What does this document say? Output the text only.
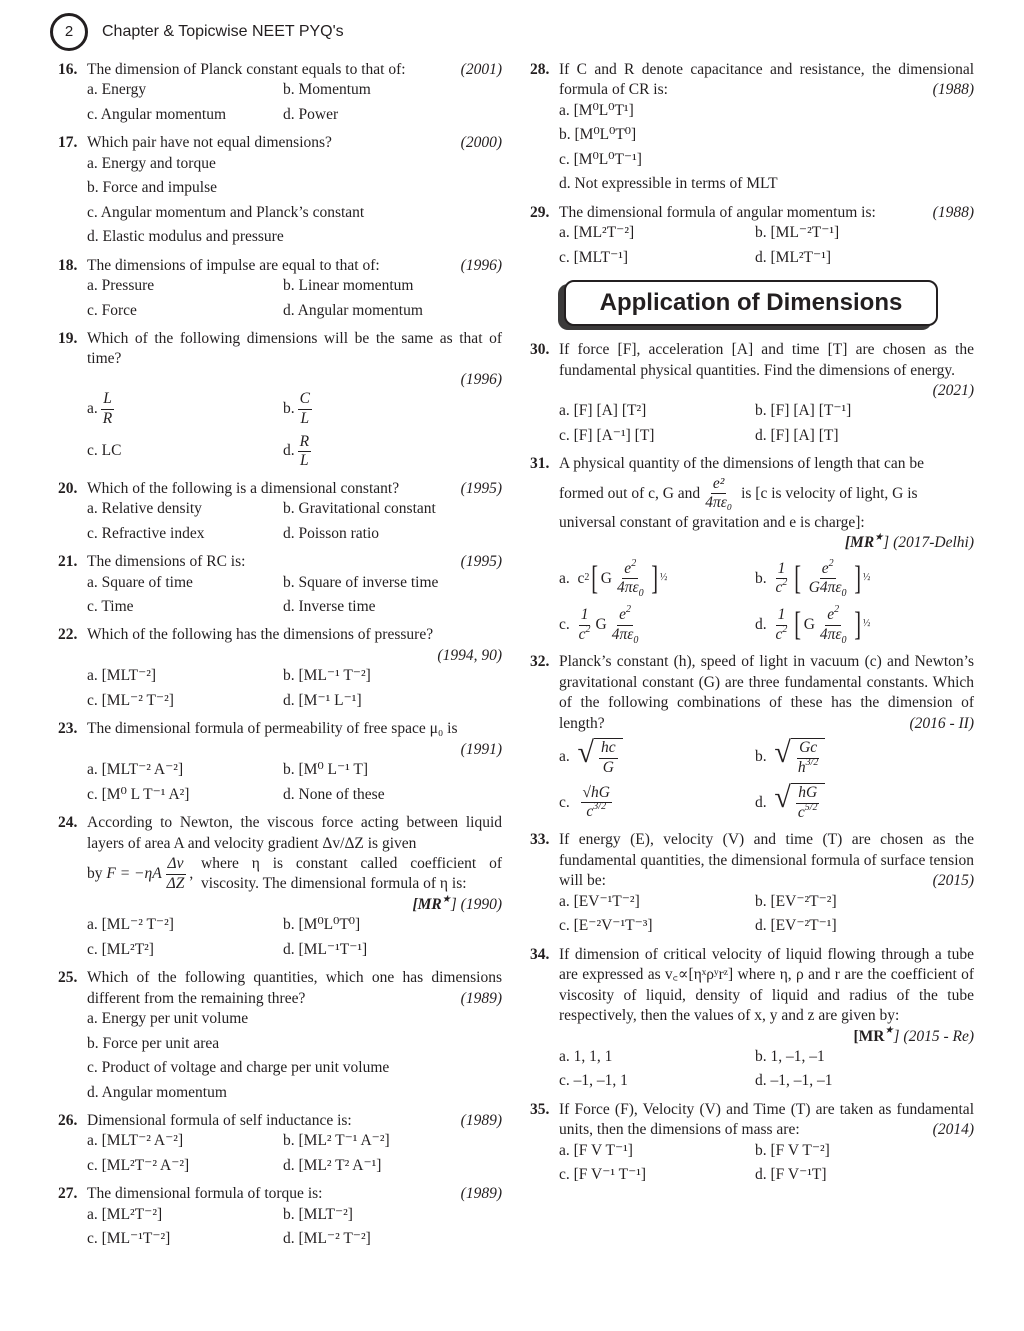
2	Chapter & Topicwise NEET PYQ's
16.	(2001)
The dimension of Planck constant equals to that of:
a. Energy	b. Momentum
c. Angular momentum	d. Power
17.	(2000)
Which pair have not equal dimensions?
a. Energy and torque
b. Force and impulse
c. Angular momentum and Planck’s constant
d. Elastic modulus and pressure
18.	(1996)
The dimensions of impulse are equal to that of:
a. Pressure	b. Linear momentum
c. Force	d. Angular momentum
19. Which of the following dimensions will be the same as that of time?
(1996)
a. $\frac{L}{R}$	b. $\frac{C}{L}$
c. LC	d. $\frac{R}{L}$
20.	(1995)
Which of the following is a dimensional constant?
a. Relative density	b. Gravitational constant
c. Refractive index	d. Poisson ratio
21.	(1995)
The dimensions of RC is:
a. Square of time	b. Square of inverse time
c. Time	d. Inverse time
22. Which of the following has the dimensions of pressure?
(1994, 90)
a. [MLT⁻²]	b. [ML⁻¹ T⁻²]
c. [ML⁻² T⁻²]	d. [M⁻¹ L⁻¹]
23. The dimensional formula of permeability of free space μ₀ is
(1991)
a. [MLT⁻² A⁻²]	b. [M⁰ L⁻¹ T]
c. [M⁰ L T⁻¹ A²]	d. None of these
24. According to Newton, the viscous force acting between liquid layers of area A and velocity gradient Δv/ΔZ is given
by
$F = -\eta A \frac{\Delta v}{\Delta Z}$ ,
where η is constant called coefficient of viscosity. The dimensional formula of η is:
[MR★] (1990)
a. [ML⁻² T⁻²]	b. [M⁰L⁰T⁰]
c. [ML²T²]	d. [ML⁻¹T⁻¹]
25. Which of the following quantities, which one has dimensions different from the remaining three?	(1989)
a. Energy per unit volume
b. Force per unit area
c. Product of voltage and charge per unit volume
d. Angular momentum
26.	(1989)
Dimensional formula of self inductance is:
a. [MLT⁻² A⁻²]	b. [ML² T⁻¹ A⁻²]
c. [ML²T⁻² A⁻²]	d. [ML² T² A⁻¹]
27.	(1989)
The dimensional formula of torque is:
a. [ML²T⁻²]	b. [MLT⁻²]
c. [ML⁻¹T⁻²]	d. [ML⁻² T⁻²]
28. If C and R denote capacitance and resistance, the dimensional formula of CR is:	(1988)
a. [M⁰L⁰T¹]
b. [M⁰L⁰T⁰]
c. [M⁰L⁰T⁻¹]
d. Not expressible in terms of MLT
29.	(1988)
The dimensional formula of angular momentum is:
a. [ML²T⁻²]	b. [ML⁻²T⁻¹]
c. [MLT⁻¹]	d. [ML²T⁻¹]
Application of Dimensions
30. If force [F], acceleration [A] and time [T] are chosen as the fundamental physical quantities. Find the dimensions of energy.
(2021)
a. [F] [A] [T²]	b. [F] [A] [T⁻¹]
c. [F] [A⁻¹] [T]	d. [F] [A] [T]
31. A physical quantity of the dimensions of length that can be
formed out of c, G and $\frac{\text{e²}}{\text{4πε₀}}$
is [c is velocity of light, G is
universal constant of gravitation and e is charge]:
[MR★] (2017-Delhi)
a. $c^2$ [ G $\frac{e^2}{4\pi\varepsilon_0} ]^{\frac{1}{2}}$	b.
$\frac{1}{c^2}$ [ $\frac{e^2}{G4\pi\varepsilon_0} ]^{\frac{1}{2}}$
c.
$\frac{1}{c^2}$ G $\frac{e^2}{4\pi\varepsilon_0}$	d.
$\frac{1}{c^2}$ [ G $\frac{e^2}{4\pi\varepsilon_0} ]^{\frac{1}{2}}$
32. Planck’s constant (h), speed of light in vacuum (c) and Newton’s gravitational constant (G) are three fundamental constants. Which of the following combinations of these has the dimension of length?	(2016 - II)
a.
√ $\frac{hc}{G}$	b.
√ $\frac{Gc}{h^{3/2}}$
c.
$\frac{√hG}{c^{3/2}}$	d.
√ $\frac{hG}{c^{5/2}}$
33. If energy (E), velocity (V) and time (T) are chosen as the fundamental quantities, the dimensional formula of surface tension will be:	(2015)
a. [EV⁻¹T⁻²]	b. [EV⁻²T⁻²]
c. [E⁻²V⁻¹T⁻³]	d. [EV⁻²T⁻¹]
34. If dimension of critical velocity of liquid flowing through a tube are expressed as v꜀∝[ηˣρʸrᶻ] where η, ρ and r are the coefficient of viscosity of liquid, density of liquid and radius of the tube respectively, then the values of x, y and z are given by:
[MR★] (2015 - Re)
a. 1, 1, 1	b. 1, –1, –1
c. –1, –1, 1	d. –1, –1, –1
35. If Force (F), Velocity (V) and Time (T) are taken as fundamental units, then the dimensions of mass are:	(2014)
a. [F V T⁻¹]	b. [F V T⁻²]
c. [F V⁻¹ T⁻¹]	d. [F V⁻¹T]
